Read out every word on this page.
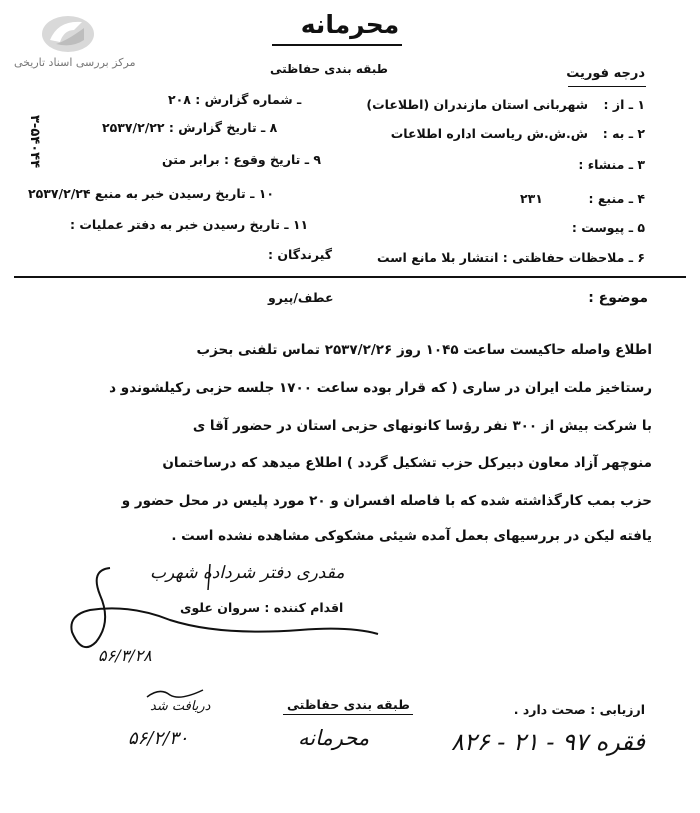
مرکز بررسی اسناد تاریخی
محرمانه
طبقه بندی حفاظتی	درجه فوریت
۳-۵۴۰۴۴
۱ ـ از :
شهربانی استان مازندران (اطلاعات)
ـ شماره گزارش : ۲۰۸
۲ ـ به :
ش.ش.ش ریاست اداره اطلاعات
۸ ـ تاریخ گزارش : ۲۵۳۷/۲/۲۲
۳ ـ منشاء :
۹ ـ تاریخ وقوع : برابر متن
۴ ـ منبع :
۲۳۱
۱۰ ـ تاریخ رسیدن خبر به منبع ۲۵۳۷/۲/۲۴
۵ ـ پیوست :
۱۱ ـ تاریخ رسیدن خبر به دفتر عملیات :
گیرندگان :	۶ ـ ملاحظات حفاظتی : انتشار بلا مانع است
موضوع :
عطف/پیرو
اطلاع واصله حاکیست ساعت ۱۰۴۵ روز ۲۵۳۷/۲/۲۶ تماس تلفنی بحزب
رستاخیز ملت ایران در ساری ( که قرار بوده ساعت ۱۷۰۰ جلسه حزبی رکیلشوندو د
با شرکت بیش از ۳۰۰ نفر رؤسا کانونهای حزبی استان در حضور آقا ی
منوچهر آزاد معاون دبیرکل حزب تشکیل گردد ) اطلاع میدهد که درساختمان
حزب بمب کارگذاشته شده که با فاصله افسران و ۲۰ مورد پلیس در محل حضور و
یافته لیکن در بررسیهای بعمل آمده شیئی مشکوکی مشاهده نشده است .
مقدری دفتر شرداده شهرب
اقدام کننده : سروان علوی
۵۶/۳/۲۸
دریافت شد
۵۶/۲/۳۰
طبقه بندی حفاظتی
محرمانه
ارزیابی : صحت دارد .
فقره ۹۷ - ۲۱ - ۸۲۶
